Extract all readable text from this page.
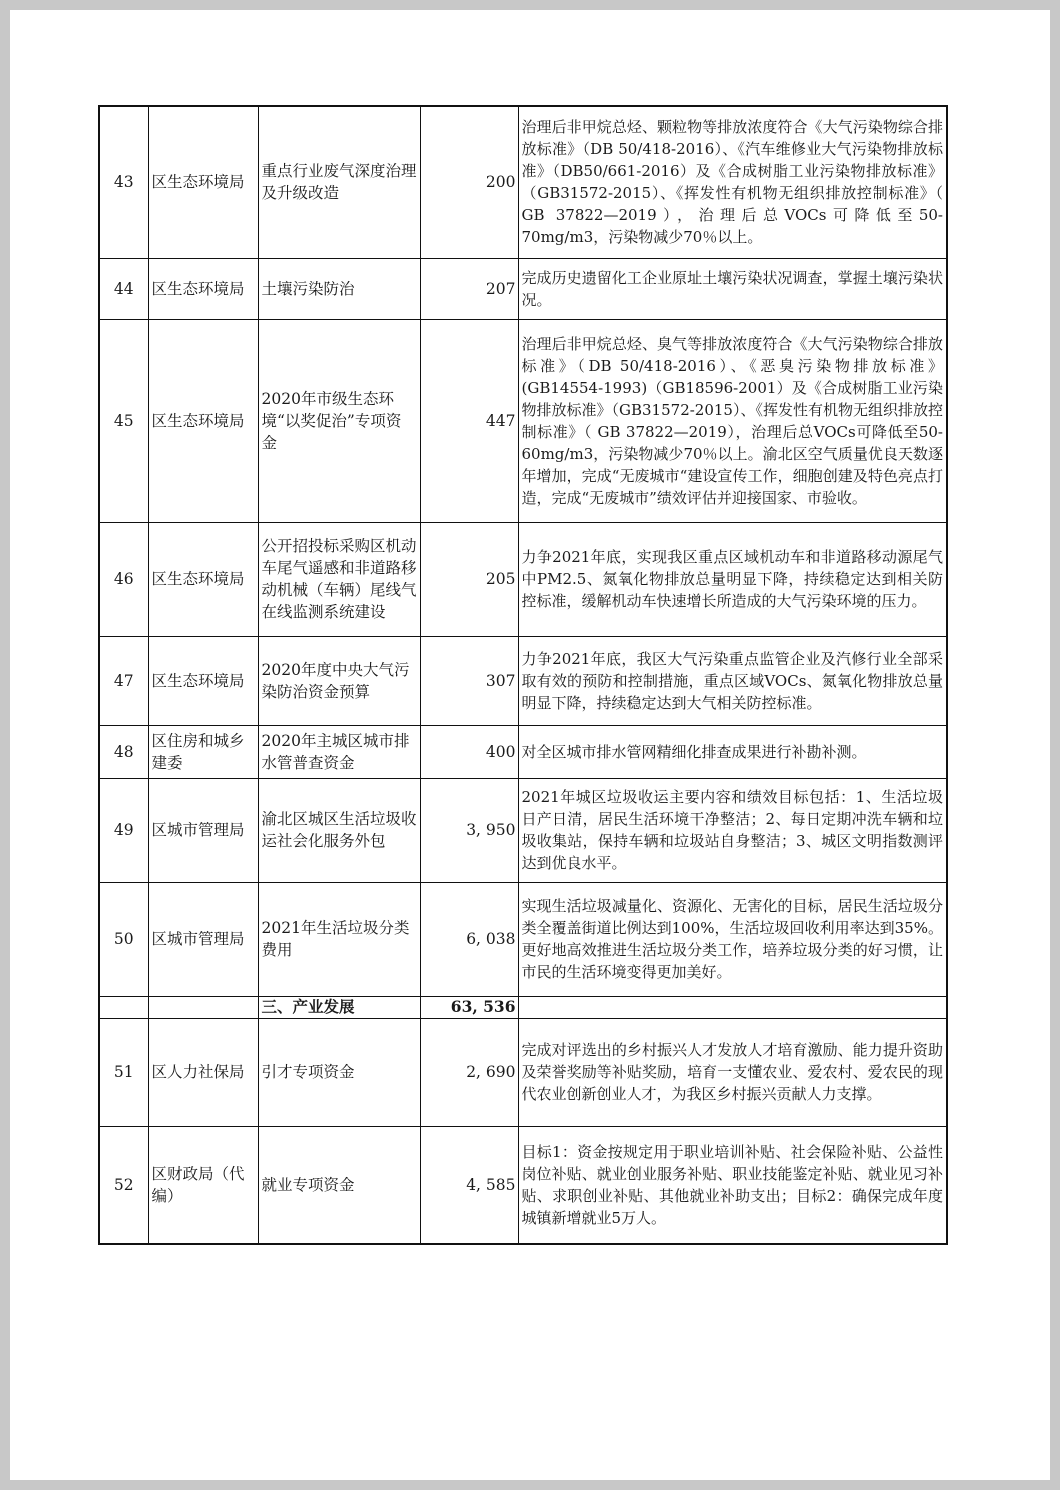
43	区生态环境局	重点行业废气深度治理及升级改造	200	治理后非甲烷总烃、颗粒物等排放浓度符合《大气污染物综合排放标准》（DB 50/418-2016）、《汽车维修业大气污染物排放标准》（DB50/661-2016）及《合成树脂工业污染物排放标准》（GB31572-2015）、《挥发性有机物无组织排放控制标准》（ GB 37822—2019），治理后总VOCs可降低至50-70mg/m3，污染物减少70％以上。
44	区生态环境局	土壤污染防治	207	完成历史遗留化工企业原址土壤污染状况调查，掌握土壤污染状况。
45	区生态环境局	2020年市级生态环境“以奖促治”专项资金	447	治理后非甲烷总烃、臭气等排放浓度符合《大气污染物综合排放标准》（DB 50/418-2016）、《恶臭污染物排放标准》(GB14554-1993)（GB18596-2001）及《合成树脂工业污染物排放标准》（GB31572-2015）、《挥发性有机物无组织排放控制标准》（ GB 37822—2019），治理后总VOCs可降低至50-60mg/m3，污染物减少70％以上。渝北区空气质量优良天数逐年增加，完成“无废城市“建设宣传工作，细胞创建及特色亮点打造，完成“无废城市”绩效评估并迎接国家、市验收。
46	区生态环境局	公开招投标采购区机动车尾气遥感和非道路移动机械（车辆）尾线气在线监测系统建设	205	力争2021年底，实现我区重点区域机动车和非道路移动源尾气中PM2.5、氮氧化物排放总量明显下降，持续稳定达到相关防控标准，缓解机动车快速增长所造成的大气污染环境的压力。
47	区生态环境局	2020年度中央大气污染防治资金预算	307	力争2021年底，我区大气污染重点监管企业及汽修行业全部采取有效的预防和控制措施，重点区域VOCs、氮氧化物排放总量明显下降，持续稳定达到大气相关防控标准。
48	区住房和城乡建委	2020年主城区城市排水管普查资金	400	对全区城市排水管网精细化排查成果进行补勘补测。
49	区城市管理局	渝北区城区生活垃圾收运社会化服务外包	3, 950	2021年城区垃圾收运主要内容和绩效目标包括：1、生活垃圾日产日清，居民生活环境干净整洁；2、每日定期冲洗车辆和垃圾收集站，保持车辆和垃圾站自身整洁；3、城区文明指数测评达到优良水平。
50	区城市管理局	2021年生活垃圾分类费用	6, 038	实现生活垃圾减量化、资源化、无害化的目标，居民生活垃圾分类全覆盖街道比例达到100%，生活垃圾回收利用率达到35%。更好地高效推进生活垃圾分类工作，培养垃圾分类的好习惯，让市民的生活环境变得更加美好。
		三、产业发展	63, 536	
51	区人力社保局	引才专项资金	2, 690	完成对评选出的乡村振兴人才发放人才培育激励、能力提升资助及荣誉奖励等补贴奖励，培育一支懂农业、爱农村、爱农民的现代农业创新创业人才，为我区乡村振兴贡献人力支撑。
52	区财政局（代编）	就业专项资金	4, 585	目标1：资金按规定用于职业培训补贴、社会保险补贴、公益性岗位补贴、就业创业服务补贴、职业技能鉴定补贴、就业见习补贴、求职创业补贴、其他就业补助支出；目标2：确保完成年度城镇新增就业5万人。
